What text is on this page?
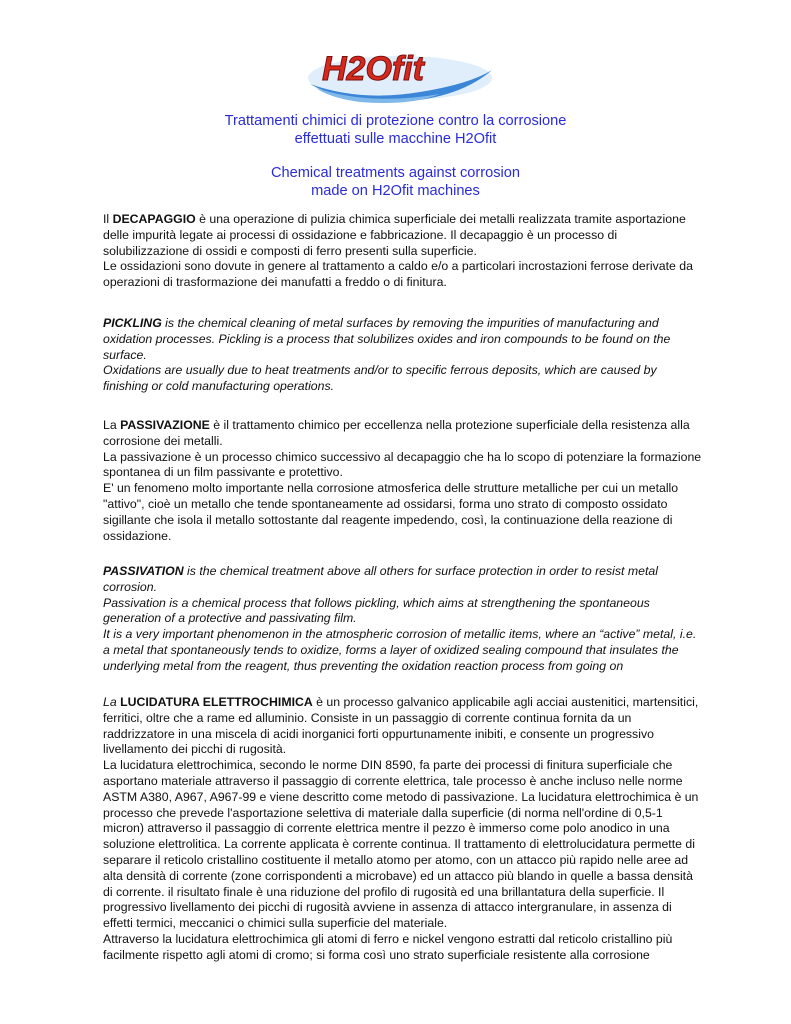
H2Ofit
Trattamenti chimici di protezione contro la corrosione
effettuati sulle macchine H2Ofit
Chemical treatments against corrosion
made on H2Ofit machines

Il DECAPAGGIO è una operazione di pulizia chimica superficiale dei metalli realizzata tramite asportazione delle impurità legate ai processi di ossidazione e fabbricazione. Il decapaggio è un processo di solubilizzazione di ossidi e composti di ferro presenti sulla superficie.

Le ossidazioni sono dovute in genere al trattamento a caldo e/o a particolari incrostazioni ferrose derivate da operazioni di trasformazione dei manufatti a freddo o di finitura.

PICKLING is the chemical cleaning of metal surfaces by removing the impurities of manufacturing and oxidation processes. Pickling is a process that solubilizes oxides and iron compounds to be found on the surface.

Oxidations are usually due to heat treatments and/or to specific ferrous deposits, which are caused by finishing or cold manufacturing operations.

La PASSIVAZIONE è il trattamento chimico per eccellenza nella protezione superficiale della resistenza alla corrosione dei metalli.

La passivazione è un processo chimico successivo al decapaggio che ha lo scopo di potenziare la formazione spontanea di un film passivante e protettivo.

E' un fenomeno molto importante nella corrosione atmosferica delle strutture metalliche per cui un metallo "attivo", cioè un metallo che tende spontaneamente ad ossidarsi, forma uno strato di composto ossidato sigillante che isola il metallo sottostante dal reagente impedendo, così, la continuazione della reazione di ossidazione.

PASSIVATION is the chemical treatment above all others for surface protection in order to resist metal corrosion.

Passivation is a chemical process that follows pickling, which aims at strengthening the spontaneous generation of a protective and passivating film.

It is a very important phenomenon in the atmospheric corrosion of metallic items, where an “active” metal, i.e. a metal that spontaneously tends to oxidize, forms a layer of oxidized sealing compound that insulates the underlying metal from the reagent, thus preventing the oxidation reaction process from going on

La LUCIDATURA ELETTROCHIMICA è un processo galvanico applicabile agli acciai austenitici, martensitici, ferritici, oltre che a rame ed alluminio. Consiste in un passaggio di corrente continua fornita da un raddrizzatore in una miscela di acidi inorganici forti oppurtunamente inibiti, e consente un progressivo livellamento dei picchi di rugosità.

La lucidatura elettrochimica, secondo le norme DIN 8590, fa parte dei processi di finitura superficiale che asportano materiale attraverso il passaggio di corrente elettrica, tale processo è anche incluso nelle norme ASTM A380, A967, A967-99 e viene descritto come metodo di passivazione. La lucidatura elettrochimica è un processo che prevede l'asportazione selettiva di materiale dalla superficie (di norma nell'ordine di 0,5-1 micron) attraverso il passaggio di corrente elettrica mentre il pezzo è immerso come polo anodico in una soluzione elettrolitica. La corrente applicata è corrente continua. Il trattamento di elettrolucidatura permette di separare il reticolo cristallino costituente il metallo atomo per atomo, con un attacco più rapido nelle aree ad alta densità di corrente (zone corrispondenti a microbave) ed un attacco più blando in quelle a bassa densità di corrente. il risultato finale è una riduzione del profilo di rugosità ed una brillantatura della superficie. Il progressivo livellamento dei picchi di rugosità avviene in assenza di attacco intergranulare, in assenza di effetti termici, meccanici o chimici sulla superficie del materiale.

Attraverso la lucidatura elettrochimica gli atomi di ferro e nickel vengono estratti dal reticolo cristallino più facilmente rispetto agli atomi di cromo; si forma così uno strato superficiale resistente alla corrosione
